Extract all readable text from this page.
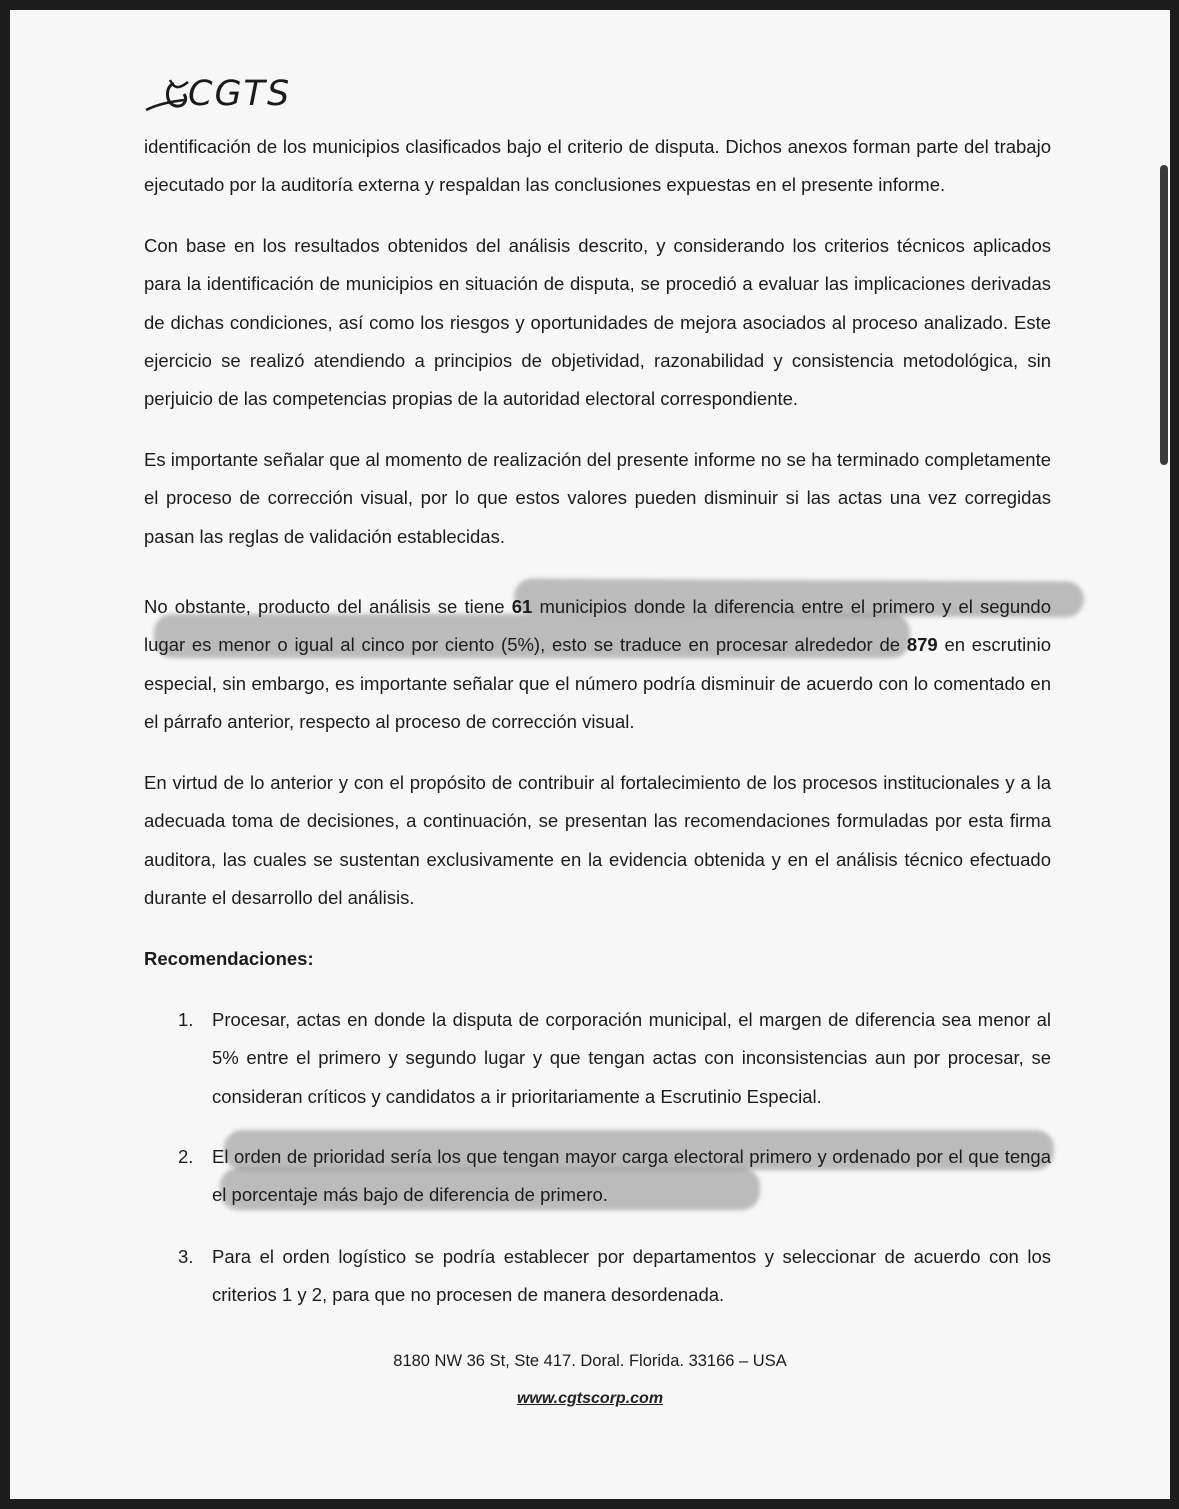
CGTS

identificación de los municipios clasificados bajo el criterio de disputa. Dichos anexos forman parte del trabajo ejecutado por la auditoría externa y respaldan las conclusiones expuestas en el presente informe.

Con base en los resultados obtenidos del análisis descrito, y considerando los criterios técnicos aplicados para la identificación de municipios en situación de disputa, se procedió a evaluar las implicaciones derivadas de dichas condiciones, así como los riesgos y oportunidades de mejora asociados al proceso analizado. Este ejercicio se realizó atendiendo a principios de objetividad, razonabilidad y consistencia metodológica, sin perjuicio de las competencias propias de la autoridad electoral correspondiente.

Es importante señalar que al momento de realización del presente informe no se ha terminado completamente el proceso de corrección visual, por lo que estos valores pueden disminuir si las actas una vez corregidas pasan las reglas de validación establecidas.

No obstante, producto del análisis se tiene 61 municipios donde la diferencia entre el primero y el segundo lugar es menor o igual al cinco por ciento (5%), esto se traduce en procesar alrededor de 879 en escrutinio especial, sin embargo, es importante señalar que el número podría disminuir de acuerdo con lo comentado en el párrafo anterior, respecto al proceso de corrección visual.

En virtud de lo anterior y con el propósito de contribuir al fortalecimiento de los procesos institucionales y a la adecuada toma de decisiones, a continuación, se presentan las recomendaciones formuladas por esta firma auditora, las cuales se sustentan exclusivamente en la evidencia obtenida y en el análisis técnico efectuado durante el desarrollo del análisis.

Recomendaciones:
1. Procesar, actas en donde la disputa de corporación municipal, el margen de diferencia sea menor al 5% entre el primero y segundo lugar y que tengan actas con inconsistencias aun por procesar, se consideran críticos y candidatos a ir prioritariamente a Escrutinio Especial.
2. El orden de prioridad sería los que tengan mayor carga electoral primero y ordenado por el que tenga el porcentaje más bajo de diferencia de primero.
3. Para el orden logístico se podría establecer por departamentos y seleccionar de acuerdo con los criterios 1 y 2, para que no procesen de manera desordenada.
8180 NW 36 St, Ste 417. Doral. Florida. 33166 – USA
www.cgtscorp.com
